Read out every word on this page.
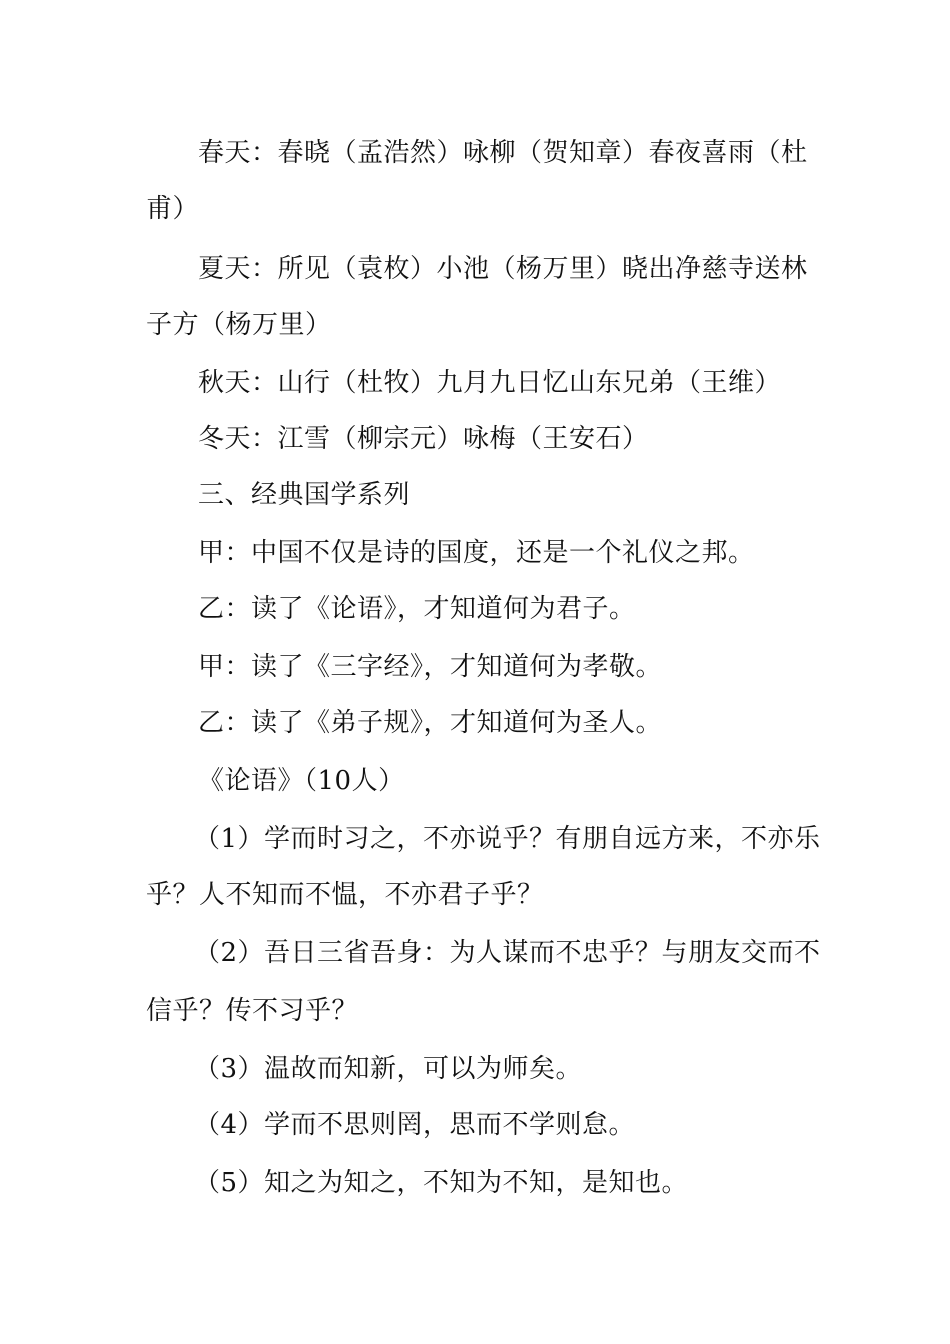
春天：春晓（孟浩然）咏柳（贺知章）春夜喜雨（杜
甫）
夏天：所见（袁枚）小池（杨万里）晓出净慈寺送林
子方（杨万里）
秋天：山行（杜牧）九月九日忆山东兄弟（王维）
冬天：江雪（柳宗元）咏梅（王安石）
三、经典国学系列
甲：中国不仅是诗的国度，还是一个礼仪之邦。
乙：读了《论语》，才知道何为君子。
甲：读了《三字经》，才知道何为孝敬。
乙：读了《弟子规》，才知道何为圣人。
《论语》（10人）
（1）学而时习之，不亦说乎？有朋自远方来，不亦乐
乎？人不知而不愠，不亦君子乎？
（2）吾日三省吾身：为人谋而不忠乎？与朋友交而不
信乎？传不习乎？
（3）温故而知新，可以为师矣。
（4）学而不思则罔，思而不学则怠。
（5）知之为知之，不知为不知，是知也。
